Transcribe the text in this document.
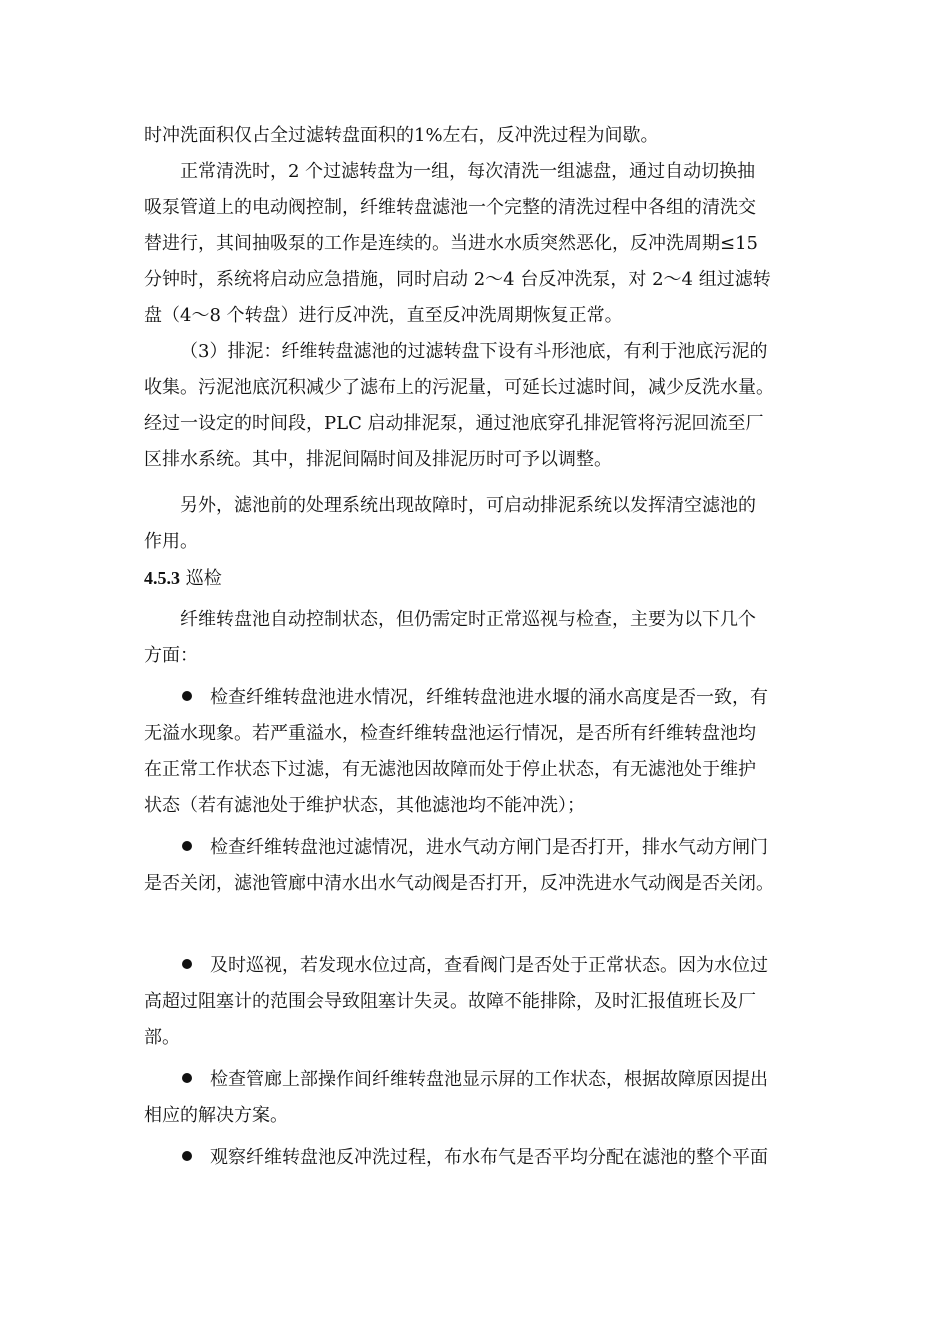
时冲洗面积仅占全过滤转盘面积的1%左右，反冲洗过程为间歇。
正常清洗时，2 个过滤转盘为一组，每次清洗一组滤盘，通过自动切换抽
吸泵管道上的电动阀控制，纤维转盘滤池一个完整的清洗过程中各组的清洗交
替进行，其间抽吸泵的工作是连续的。当进水水质突然恶化，反冲洗周期≤15
分钟时，系统将启动应急措施，同时启动 2～4 台反冲洗泵，对 2～4 组过滤转
盘（4～8 个转盘）进行反冲洗，直至反冲洗周期恢复正常。
（3）排泥：纤维转盘滤池的过滤转盘下设有斗形池底，有利于池底污泥的
收集。污泥池底沉积减少了滤布上的污泥量，可延长过滤时间，减少反洗水量。
经过一设定的时间段，PLC 启动排泥泵，通过池底穿孔排泥管将污泥回流至厂
区排水系统。其中，排泥间隔时间及排泥历时可予以调整。
另外，滤池前的处理系统出现故障时，可启动排泥系统以发挥清空滤池的
作用。
4.5.3 巡检
纤维转盘池自动控制状态，但仍需定时正常巡视与检查，主要为以下几个
方面：
检查纤维转盘池进水情况，纤维转盘池进水堰的涌水高度是否一致，有
无溢水现象。若严重溢水，检查纤维转盘池运行情况，是否所有纤维转盘池均
在正常工作状态下过滤，有无滤池因故障而处于停止状态，有无滤池处于维护
状态（若有滤池处于维护状态，其他滤池均不能冲洗）；
检查纤维转盘池过滤情况，进水气动方闸门是否打开，排水气动方闸门
是否关闭，滤池管廊中清水出水气动阀是否打开，反冲洗进水气动阀是否关闭。
及时巡视，若发现水位过高，查看阀门是否处于正常状态。因为水位过
高超过阻塞计的范围会导致阻塞计失灵。故障不能排除，及时汇报值班长及厂
部。
检查管廊上部操作间纤维转盘池显示屏的工作状态，根据故障原因提出
相应的解决方案。
观察纤维转盘池反冲洗过程，布水布气是否平均分配在滤池的整个平面
